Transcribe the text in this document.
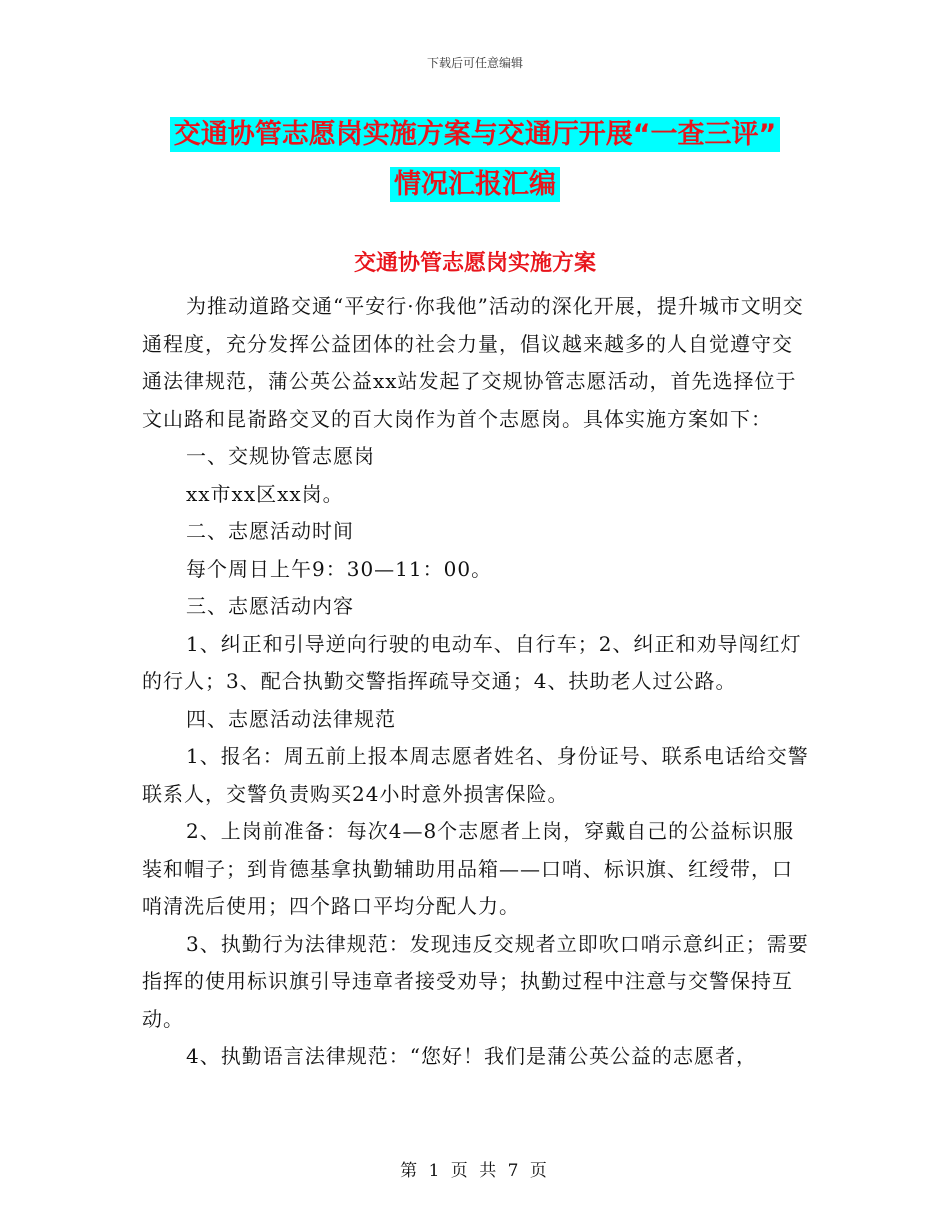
下载后可任意编辑
交通协管志愿岗实施方案与交通厅开展“一查三评”
情况汇报汇编
交通协管志愿岗实施方案

为推动道路交通“平安行·你我他”活动的深化开展，提升城市文明交通程度，充分发挥公益团体的社会力量，倡议越来越多的人自觉遵守交通法律规范，蒲公英公益xx站发起了交规协管志愿活动，首先选择位于文山路和昆嵛路交叉的百大岗作为首个志愿岗。具体实施方案如下：

一、交规协管志愿岗

xx市xx区xx岗。

二、志愿活动时间

每个周日上午9：30—11：00。

三、志愿活动内容

1、纠正和引导逆向行驶的电动车、自行车；2、纠正和劝导闯红灯的行人；3、配合执勤交警指挥疏导交通；4、扶助老人过公路。

四、志愿活动法律规范

1、报名：周五前上报本周志愿者姓名、身份证号、联系电话给交警联系人，交警负责购买24小时意外损害保险。

2、上岗前准备：每次4—8个志愿者上岗，穿戴自己的公益标识服装和帽子；到肯德基拿执勤辅助用品箱——口哨、标识旗、红绶带，口哨清洗后使用；四个路口平均分配人力。

3、执勤行为法律规范：发现违反交规者立即吹口哨示意纠正；需要指挥的使用标识旗引导违章者接受劝导；执勤过程中注意与交警保持互动。

4、执勤语言法律规范：“您好！我们是蒲公英公益的志愿者，

第 1 页 共 7 页
